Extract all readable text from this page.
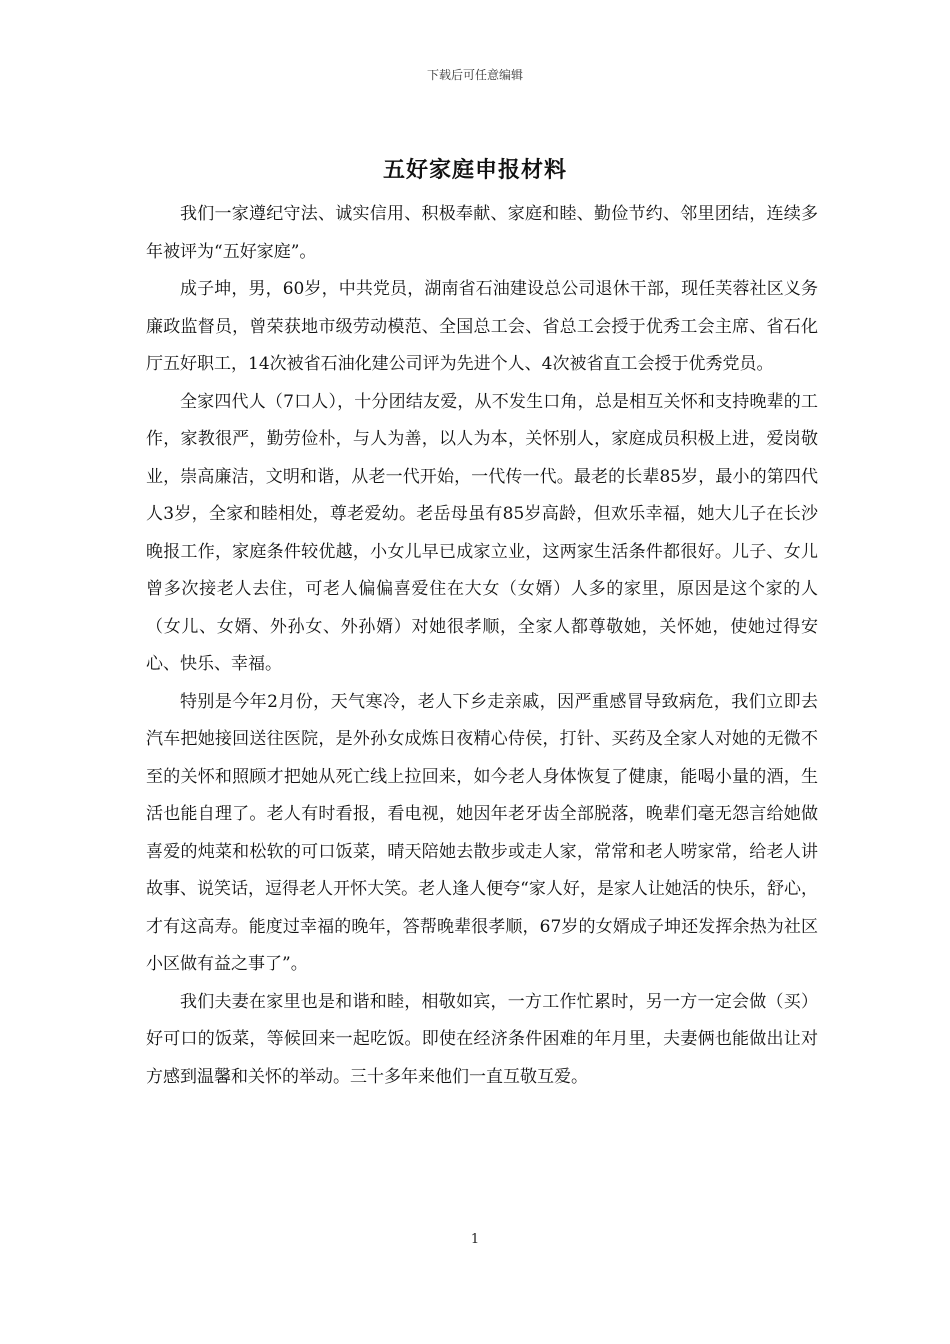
下载后可任意编辑
五好家庭申报材料

我们一家遵纪守法、诚实信用、积极奉献、家庭和睦、勤俭节约、邻里团结，连续多年被评为“五好家庭”。

成子坤，男，60岁，中共党员，湖南省石油建设总公司退休干部，现任芙蓉社区义务廉政监督员，曾荣获地市级劳动模范、全国总工会、省总工会授于优秀工会主席、省石化厅五好职工，14次被省石油化建公司评为先进个人、4次被省直工会授于优秀党员。

全家四代人（7口人），十分团结友爱，从不发生口角，总是相互关怀和支持晚辈的工作，家教很严，勤劳俭朴，与人为善，以人为本，关怀别人，家庭成员积极上进，爱岗敬业，崇高廉洁，文明和谐，从老一代开始，一代传一代。最老的长辈85岁，最小的第四代人3岁，全家和睦相处，尊老爱幼。老岳母虽有85岁高龄，但欢乐幸福，她大儿子在长沙晚报工作，家庭条件较优越，小女儿早已成家立业，这两家生活条件都很好。儿子、女儿曾多次接老人去住，可老人偏偏喜爱住在大女（女婿）人多的家里，原因是这个家的人（女儿、女婿、外孙女、外孙婿）对她很孝顺，全家人都尊敬她，关怀她，使她过得安心、快乐、幸福。

特别是今年2月份，天气寒冷，老人下乡走亲戚，因严重感冒导致病危，我们立即去汽车把她接回送往医院，是外孙女成炼日夜精心侍侯，打针、买药及全家人对她的无微不至的关怀和照顾才把她从死亡线上拉回来，如今老人身体恢复了健康，能喝小量的酒，生活也能自理了。老人有时看报，看电视，她因年老牙齿全部脱落，晚辈们毫无怨言给她做喜爱的炖菜和松软的可口饭菜，晴天陪她去散步或走人家，常常和老人唠家常，给老人讲故事、说笑话，逗得老人开怀大笑。老人逢人便夸“家人好，是家人让她活的快乐，舒心，才有这高寿。能度过幸福的晚年，答帮晚辈很孝顺，67岁的女婿成子坤还发挥余热为社区小区做有益之事了”。

我们夫妻在家里也是和谐和睦，相敬如宾，一方工作忙累时，另一方一定会做（买）好可口的饭菜，等候回来一起吃饭。即使在经济条件困难的年月里，夫妻俩也能做出让对方感到温馨和关怀的举动。三十多年来他们一直互敬互爱。

1
